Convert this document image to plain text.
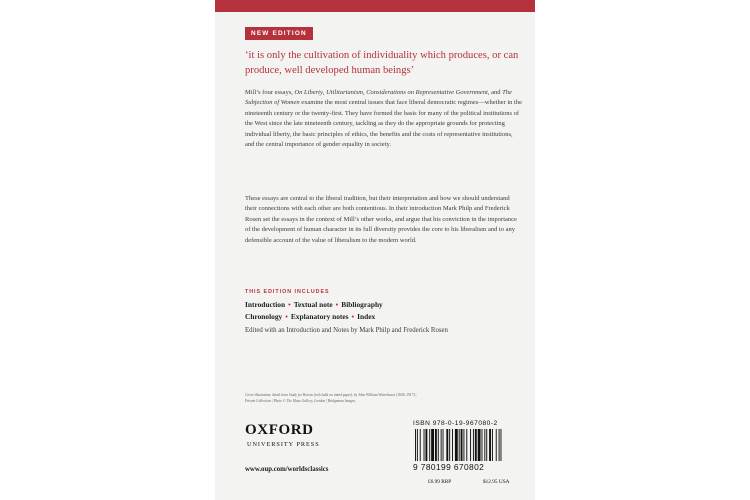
NEW EDITION
‘it is only the cultivation of individuality which produces, or can produce, well developed human beings’
Mill’s four essays, On Liberty, Utilitarianism, Considerations on Representative Government, and The Subjection of Women examine the most central issues that face liberal democratic regimes—whether in the nineteenth century or the twenty-first. They have formed the basis for many of the political institutions of the West since the late nineteenth century, tackling as they do the appropriate grounds for protecting individual liberty, the basic principles of ethics, the benefits and the costs of representative institutions, and the central importance of gender equality in society.
These essays are central to the liberal tradition, but their interpretation and how we should understand their connections with each other are both contentious. In their introduction Mark Philp and Frederick Rosen set the essays in the context of Mill’s other works, and argue that his conviction in the importance of the development of human character in its full diversity provides the core to his liberalism and to any defensible account of the value of liberalism to the modern world.
THIS EDITION INCLUDES
Introduction • Textual note • Bibliography
Chronology • Explanatory notes • Index
Edited with an Introduction and Notes by Mark Philp and Frederick Rosen
Cover illustration: detail from Study for Boreas (red chalk on tinted paper), by John William Waterhouse (1849–1917) | Private Collection | Photo © The Maas Gallery, London | Bridgeman Images.
OXFORD
UNIVERSITY PRESS
www.oup.com/worldsclassics
ISBN 978-0-19-967080-2
9 780199 670802
£6.99 RRP	$12.95 USA
